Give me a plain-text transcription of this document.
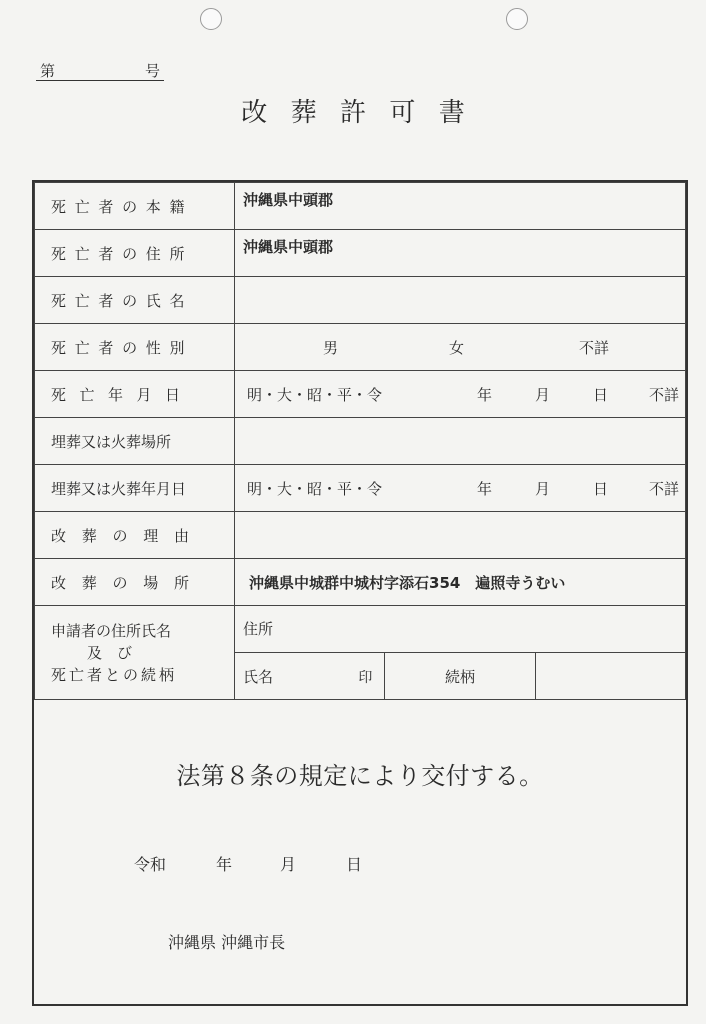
第	号
改葬許可書
死亡者の本籍	沖縄県中頭郡		
死亡者の住所	沖縄県中頭郡		
死亡者の氏名			
死亡者の性別	男 女 不詳		

死亡年月日	明・大・昭・平・令 年 月 日 不詳		

埋葬又は火葬場所			
埋葬又は火葬年月日	明・大・昭・平・令 年 月 日 不詳		

改葬の理由			
改葬の場所	沖縄県中城群中城村字添石354　遍照寺うむい		

申請者の住所氏名
及　び
死亡者との続柄	住所		
	氏名 印	続柄	
法第８条の規定により交付する。
令和	年	月	日
沖縄県 沖縄市長
